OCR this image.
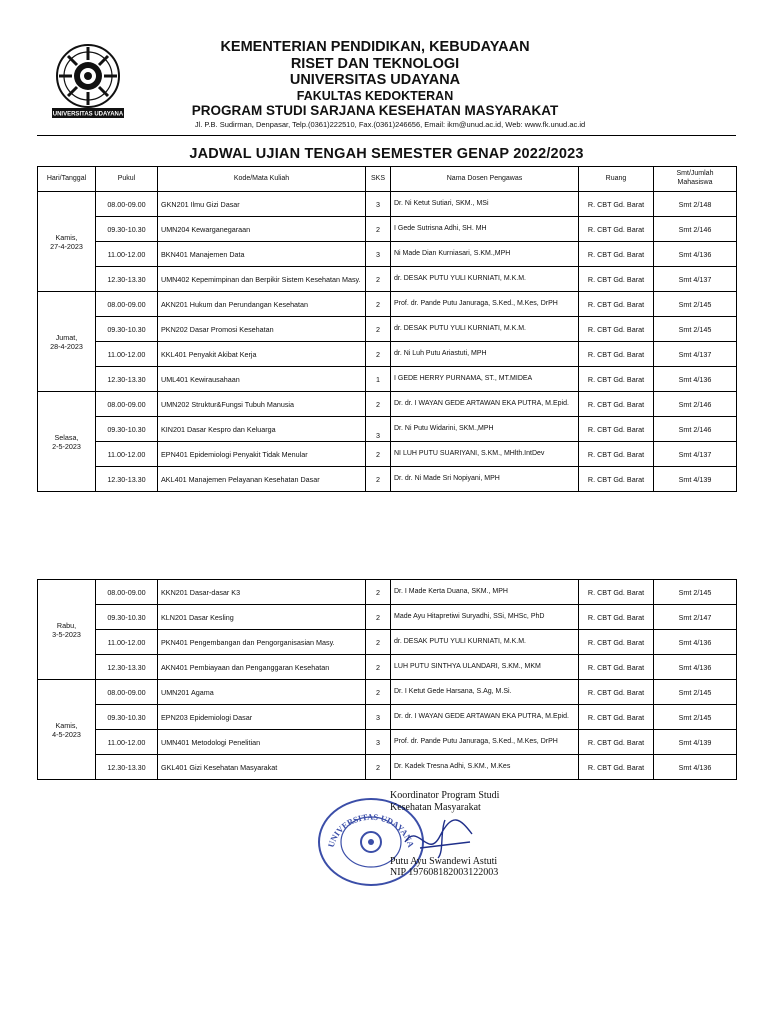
UNIVERSITAS UDAYANA

KEMENTERIAN PENDIDIKAN, KEBUDAYAAN

RISET DAN TEKNOLOGI

UNIVERSITAS UDAYANA

FAKULTAS KEDOKTERAN

PROGRAM STUDI SARJANA KESEHATAN MASYARAKAT

Jl. P.B. Sudirman, Denpasar, Telp.(0361)222510, Fax.(0361)246656, Email: ikm@unud.ac.id, Web: www.fk.unud.ac.id
JADWAL UJIAN TENGAH SEMESTER GENAP 2022/2023
Hari/Tanggal	Pukul	Kode/Mata Kuliah	SKS	Nama Dosen Pengawas	Ruang	Smt/Jumlah
Mahasiswa
Kamis,
27-4-2023	08.00-09.00	GKN201 Ilmu Gizi Dasar	3	Dr. Ni Ketut Sutiari, SKM., MSi	R. CBT Gd. Barat	Smt 2/148
	09.30-10.30	UMN204 Kewarganegaraan	2	I Gede Sutrisna Adhi, SH. MH	R. CBT Gd. Barat	Smt 2/146
	11.00-12.00	BKN401 Manajemen Data	3	Ni Made Dian Kurniasari, S.KM.,MPH	R. CBT Gd. Barat	Smt 4/136
	12.30-13.30	UMN402 Kepemimpinan dan Berpikir Sistem Kesehatan Masy.	2	dr. DESAK PUTU YULI KURNIATI, M.K.M.	R. CBT Gd. Barat	Smt 4/137
Jumat,
28-4-2023	08.00-09.00	AKN201 Hukum dan Perundangan Kesehatan	2	Prof. dr. Pande Putu Januraga, S.Ked., M.Kes, DrPH	R. CBT Gd. Barat	Smt 2/145
	09.30-10.30	PKN202 Dasar Promosi Kesehatan	2	dr. DESAK PUTU YULI KURNIATI, M.K.M.	R. CBT Gd. Barat	Smt 2/145
	11.00-12.00	KKL401 Penyakit Akibat Kerja	2	dr. Ni Luh Putu Ariastuti, MPH	R. CBT Gd. Barat	Smt 4/137
	12.30-13.30	UML401 Kewirausahaan	1	I GEDE HERRY PURNAMA, ST., MT.MIDEA	R. CBT Gd. Barat	Smt 4/136
Selasa,
2-5-2023	08.00-09.00	UMN202 Struktur&Fungsi Tubuh Manusia	2	Dr. dr. I WAYAN GEDE ARTAWAN EKA PUTRA, M.Epid.	R. CBT Gd. Barat	Smt 2/146
	09.30-10.30	KIN201 Dasar Kespro dan Keluarga	3	Dr. Ni Putu Widarini, SKM.,MPH	R. CBT Gd. Barat	Smt 2/146
	11.00-12.00	EPN401 Epidemiologi Penyakit Tidak Menular	2	NI LUH PUTU SUARIYANI, S.KM., MHlth.IntDev	R. CBT Gd. Barat	Smt 4/137
	12.30-13.30	AKL401 Manajemen Pelayanan Kesehatan Dasar	2	Dr. dr. Ni Made Sri Nopiyani, MPH	R. CBT Gd. Barat	Smt 4/139
Rabu,
3-5-2023	08.00-09.00	KKN201 Dasar-dasar K3	2	Dr. I Made Kerta Duana, SKM., MPH	R. CBT Gd. Barat	Smt 2/145
	09.30-10.30	KLN201 Dasar Kesling	2	Made Ayu Hitapretiwi Suryadhi, SSi, MHSc, PhD	R. CBT Gd. Barat	Smt 2/147
	11.00-12.00	PKN401 Pengembangan dan Pengorganisasian Masy.	2	dr. DESAK PUTU YULI KURNIATI, M.K.M.	R. CBT Gd. Barat	Smt 4/136
	12.30-13.30	AKN401 Pembiayaan dan Penganggaran Kesehatan	2	LUH PUTU SINTHYA ULANDARI, S.KM., MKM	R. CBT Gd. Barat	Smt 4/136
Kamis,
4-5-2023	08.00-09.00	UMN201 Agama	2	Dr. I Ketut Gede Harsana, S.Ag, M.Si.	R. CBT Gd. Barat	Smt 2/145
	09.30-10.30	EPN203 Epidemiologi Dasar	3	Dr. dr. I WAYAN GEDE ARTAWAN EKA PUTRA, M.Epid.	R. CBT Gd. Barat	Smt 2/145
	11.00-12.00	UMN401 Metodologi Penelitian	3	Prof. dr. Pande Putu Januraga, S.Ked., M.Kes, DrPH	R. CBT Gd. Barat	Smt 4/139
	12.30-13.30	GKL401 Gizi Kesehatan Masyarakat	2	Dr. Kadek Tresna Adhi, S.KM., M.Kes	R. CBT Gd. Barat	Smt 4/136
UNIVERSITAS UDAYANA
Koordinator Program Studi
Kesehatan Masyarakat
Putu Ayu Swandewi Astuti
NIP 197608182003122003
